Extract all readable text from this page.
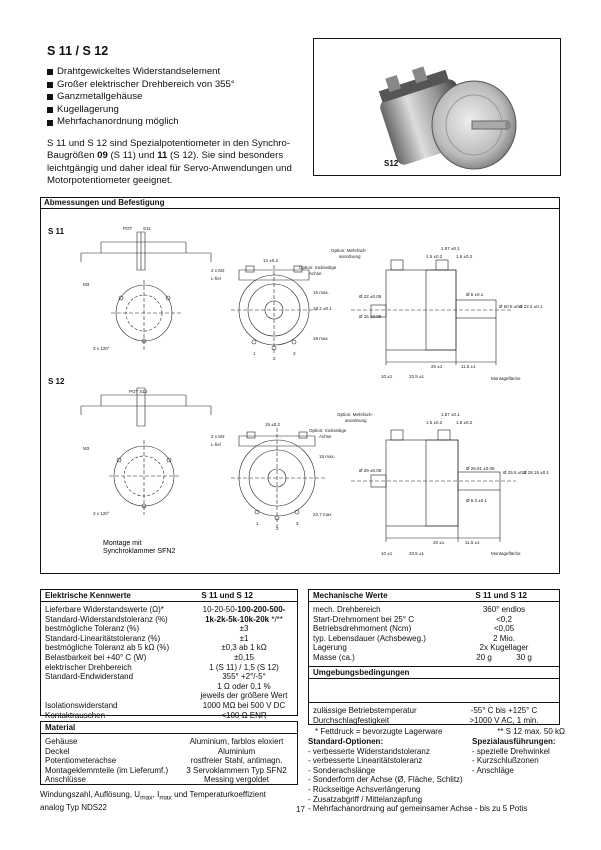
S 11 / S 12
Drahtgewickeltes Widerstandselement
Großer elektrischer Drehbereich von 355°
Ganzmetallgehäuse
Kugellagerung
Mehrfachanordnung möglich

S 11 und S 12 sind Spezialpotentiometer in den Synchro-Baugrößen 09 (S 11) und 11 (S 12). Sie sind besonders leichtgängig und daher ideal für Servo-Anwendungen und Motorpotentiometer geeignet.

S12
Abmessungen und Befestigung
S 11
S 12
POT S11
M3
3 x 120°
2 x M2
L-fiel
12 ±0.2
15 max.
18.2 ±0.1
18 max
Option: Mehrfach-
anordnung
Option: rückseitige
Achse
1.57 ±0.1
1.5 ±0.2	1.5 ±0.2
Ø 22 ±0.05
Ø 15 ±0.05
Ø 6 ±0.1
Ø 50.8 ±0.1
Ø 22.2 ±0.1
10 ±1	33.5 ±1
20 ±1	11.5 ±1
Montagefläche
1
2
3
POT S12
M3
3 x 120°
2 x M3
L-fiel
15 ±0.2
15 max.
22.7 max
Option: Mehrfach-
anordnung
Option: rückseitige
Achse
1.57 ±0.1
1.5 ±0.2	1.5 ±0.2
Ø 29 ±0.05	Ø 25.61 ±0.05
Ø 6.3 ±0.1
Ø 25.5 ±0.1
Ø 28.18 ±0.1
10 ±1	33.5 ±1
20 ±1	11.5 ±1
Montagefläche
1
2
3
Montage mit
Synchroklammer SFN2
Elektrische Kennwerte	S 11 und S 12
Lieferbare Widerstandswerte (Ω)*	10-20-50-100-200-500-
Standard-Widerstandstoleranz (%)	1k-2k-5k-10k-20k */**
bestmögliche Toleranz (%)	±3
Standard-Linearitätstoleranz (%)	±1
bestmögliche Toleranz ab 5 kΩ (%)	±0,3 ab 1 kΩ
Belastbarkeit bei +40° C (W)	±0,15
elektrischer Drehbereich	1 (S 11) / 1,5 (S 12)
Standard-Endwiderstand	355° +2°/-5°
1 Ω oder 0,1 %
jeweils der größere Wert
Isolationswiderstand	1000 MΩ bei 500 V DC
Kontaktrauschen	<100 Ω ENR
Material
Gehäuse	Aluminium, farblos eloxiert
Deckel	Aluminium
Potentiometerachse	rostfreier Stahl, antimagn.
Montageklemmteile (im Lieferumf.)	3 Servoklammern Typ SFN2
Anschlüsse	Messing vergoldet
Windungszahl, Auflösung, $U_{max}$, $I_{max}$ und Temperaturkoeffizient
analog Typ NDS22
Mechanische Werte	S 11 und S 12
mech. Drehbereich	360° endlos
Start-Drehmoment bei 25° C	<0,2
Betriebsdrehmoment (Ncm)	<0,05
typ. Lebensdauer (Achsbeweg.)	2 Mio.
Lagerung	2x Kugellager
Masse (ca.)	20 g           30 g
Umgebungsbedingungen
zulässige Betriebstemperatur	-55° C bis +125° C
Durchschlagfestigkeit	>1000 V AC, 1 min.
* Fettdruck = bevorzugte Lagerware	** S 12 max. 50 kΩ
Standard-Optionen:
- verbesserte Widerstandstoleranz
- verbesserte Linearitätstoleranz
- Sonderachslänge
- Sonderform der Achse (Ø, Fläche, Schlitz)
- Rückseitige Achsverlängerung
- Zusatzabgriff / Mittelanzapfung
- Mehrfachanordnung auf gemeinsamer Achse - bis zu 5 Potis
Spezialausführungen:
- spezielle Drehwinkel
- Kurzschlußzonen
- Anschläge
17
